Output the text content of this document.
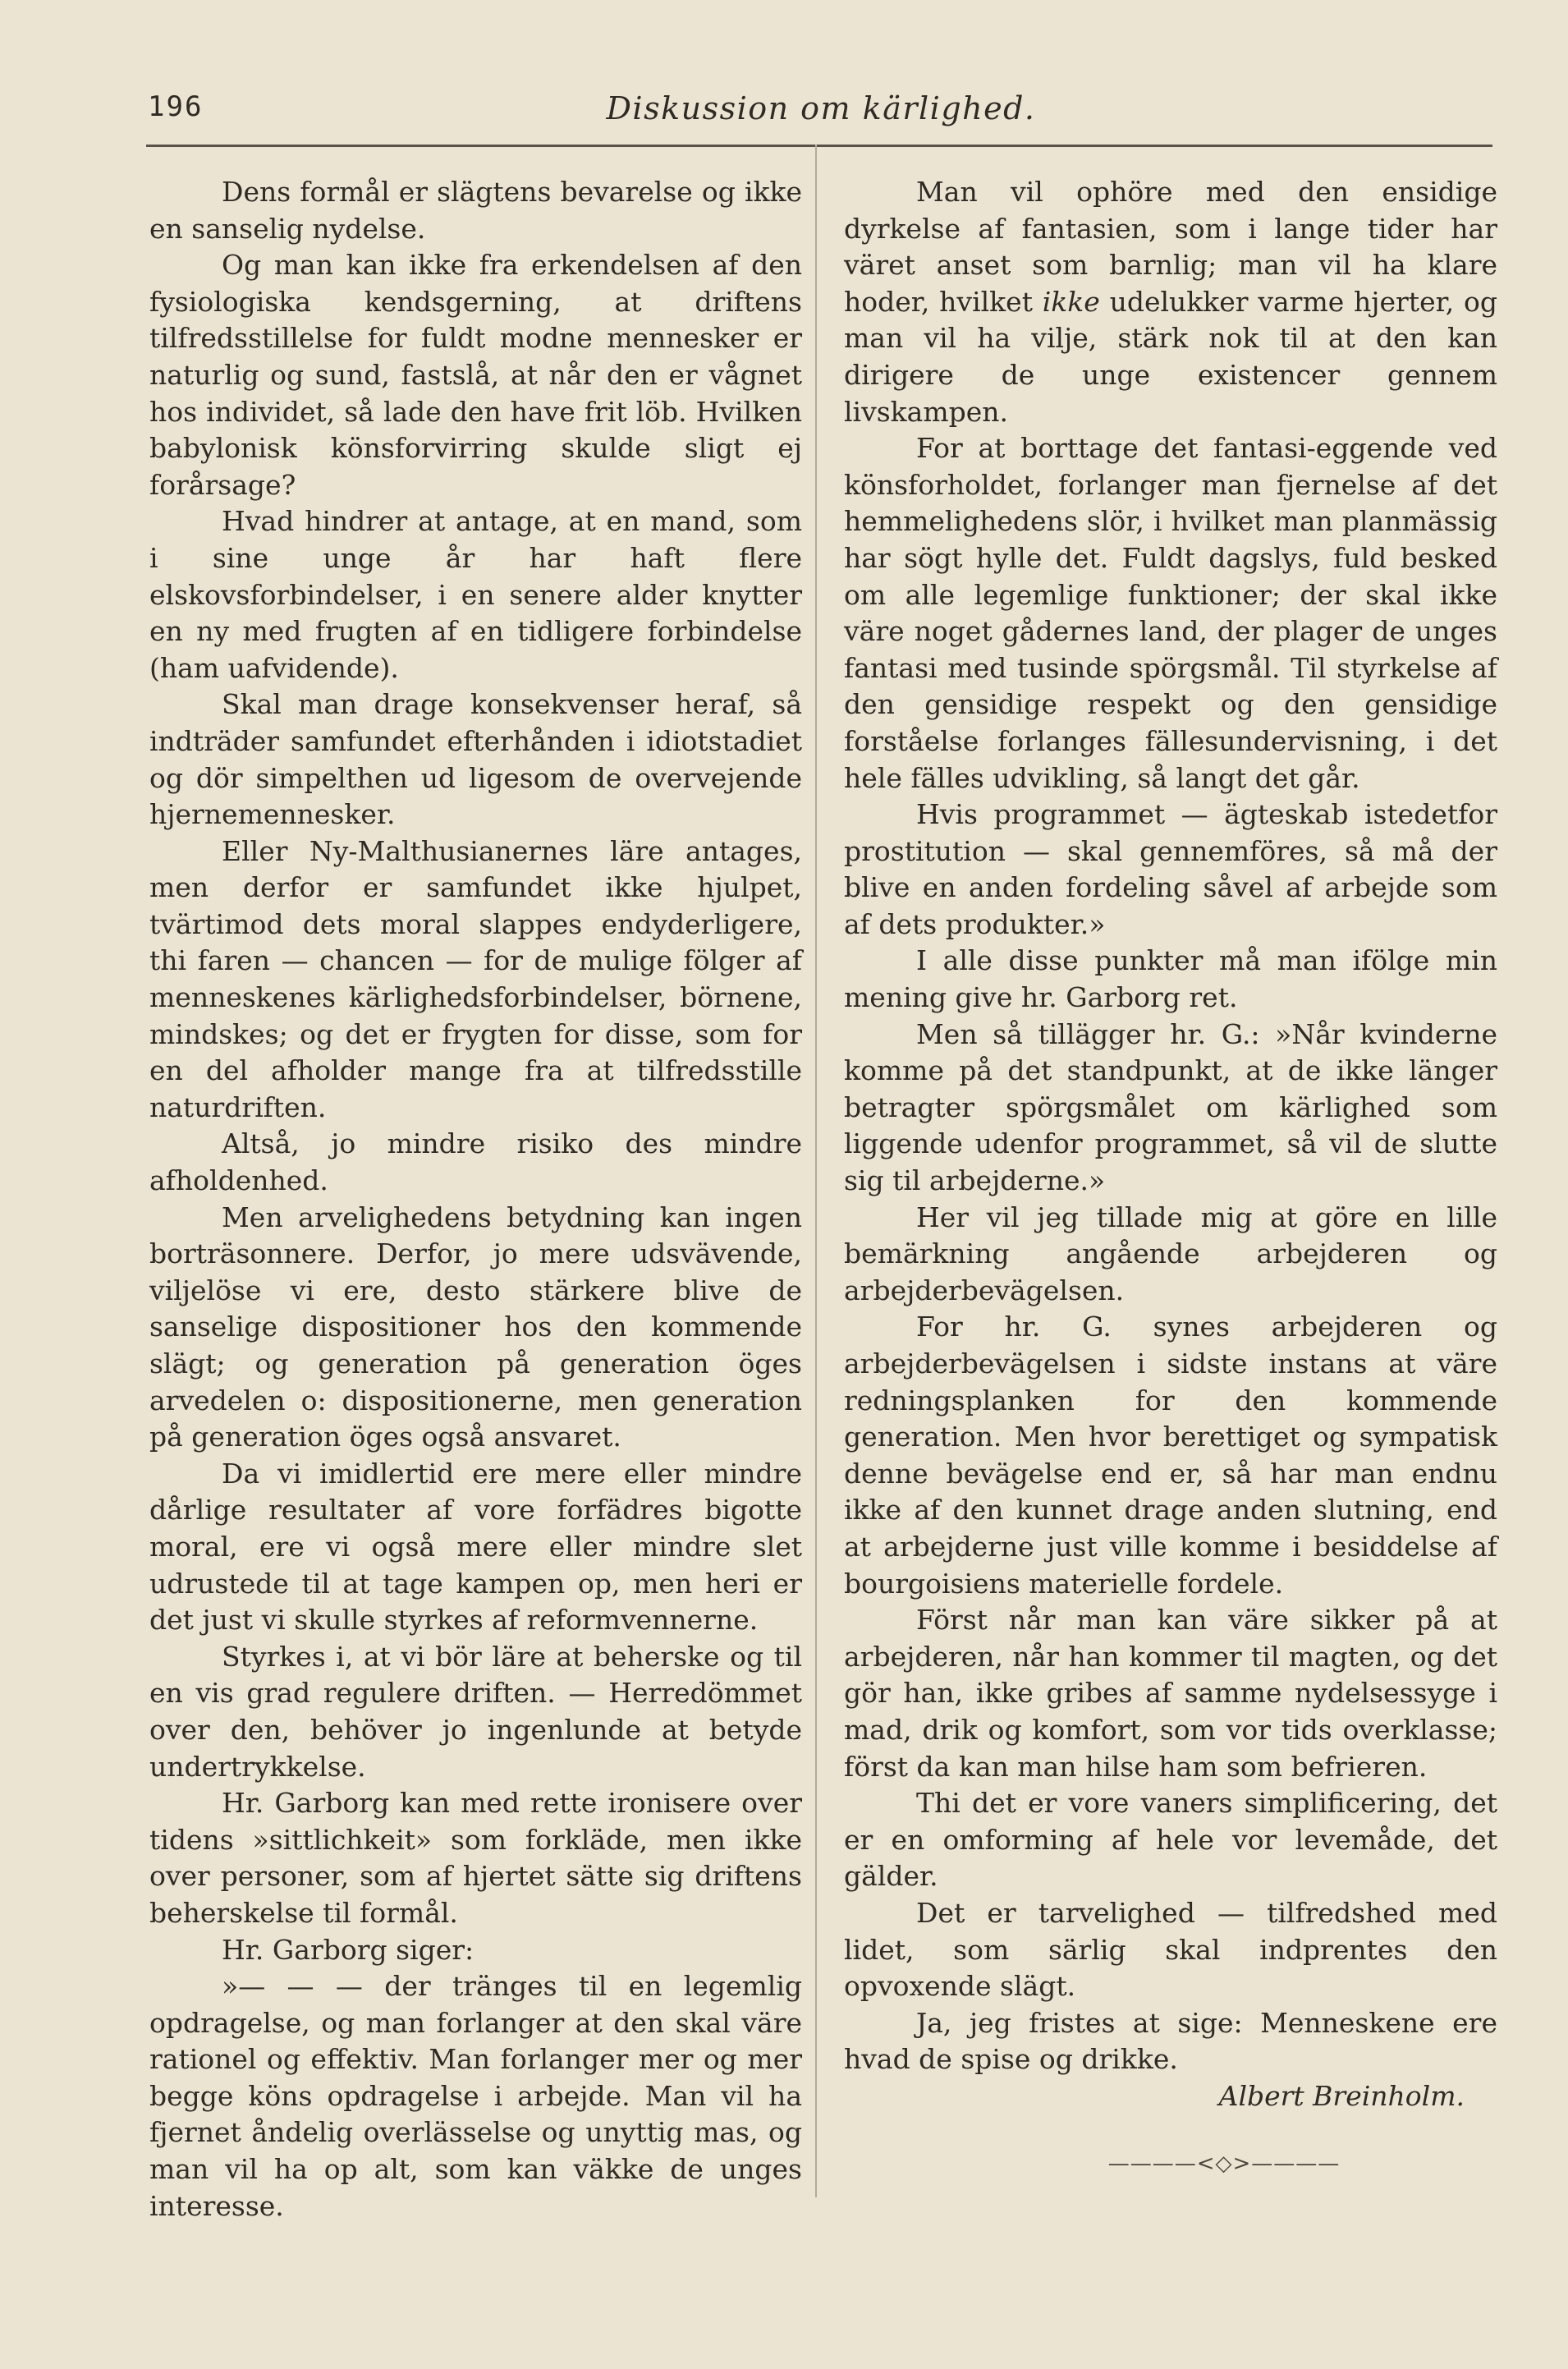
196	Diskussion om kärlighed.

Dens formål er slägtens bevarelse og ikke en sanselig nydelse.

Og man kan ikke fra erkendelsen af den fysiologiska kendsgerning, at driftens tilfredsstillelse for fuldt modne mennesker er naturlig og sund, fastslå, at når den er vågnet hos individet, så lade den have frit löb. Hvilken babylonisk könsforvirring skulde sligt ej forårsage?

Hvad hindrer at antage, at en mand, som i sine unge år har haft flere elskovsforbindelser, i en senere alder knytter en ny med frugten af en tidligere forbindelse (ham uafvidende).

Skal man drage konsekvenser heraf, så indträder samfundet efterhånden i idiotstadiet og dör simpelthen ud ligesom de overvejende hjernemennesker.

Eller Ny-Malthusianernes läre antages, men derfor er samfundet ikke hjulpet, tvärtimod dets moral slappes endyderligere, thi faren — chancen — for de mulige fölger af menneskenes kärlighedsforbindelser, börnene, mindskes; og det er frygten for disse, som for en del afholder mange fra at tilfredsstille naturdriften.

Altså, jo mindre risiko des mindre afholdenhed.

Men arvelighedens betydning kan ingen borträsonnere. Derfor, jo mere udsvävende, viljelöse vi ere, desto stärkere blive de sanselige dispositioner hos den kommende slägt; og generation på generation öges arvedelen o: dispositionerne, men generation på generation öges også ansvaret.

Da vi imidlertid ere mere eller mindre dårlige resultater af vore forfädres bigotte moral, ere vi også mere eller mindre slet udrustede til at tage kampen op, men heri er det just vi skulle styrkes af reformvennerne.

Styrkes i, at vi bör läre at beherske og til en vis grad regulere driften. — Herredömmet over den, behöver jo ingenlunde at betyde undertrykkelse.

Hr. Garborg kan med rette ironisere over tidens »sittlichkeit» som forkläde, men ikke over personer, som af hjertet sätte sig driftens beherskelse til formål.

Hr. Garborg siger:

»— — — der tränges til en legemlig opdragelse, og man forlanger at den skal väre rationel og effektiv. Man forlanger mer og mer begge köns opdragelse i arbejde. Man vil ha fjernet åndelig overlässelse og unyttig mas, og man vil ha op alt, som kan väkke de unges interesse.

Man vil ophöre med den ensidige dyrkelse af fantasien, som i lange tider har väret anset som barnlig; man vil ha klare hoder, hvilket ikke udelukker varme hjerter, og man vil ha vilje, stärk nok til at den kan dirigere de unge existencer gennem livskampen.

For at borttage det fantasi-eggende ved könsforholdet, forlanger man fjernelse af det hemmelighedens slör, i hvilket man planmässig har sögt hylle det. Fuldt dagslys, fuld besked om alle legemlige funktioner; der skal ikke väre noget gådernes land, der plager de unges fantasi med tusinde spörgsmål. Til styrkelse af den gensidige respekt og den gensidige forståelse forlanges fällesundervisning, i det hele fälles udvikling, så langt det går.

Hvis programmet — ägteskab istedetfor prostitution — skal gennemföres, så må der blive en anden fordeling såvel af arbejde som af dets produkter.»

I alle disse punkter må man ifölge min mening give hr. Garborg ret.

Men så tillägger hr. G.: »Når kvinderne komme på det standpunkt, at de ikke länger betragter spörgsmålet om kärlighed som liggende udenfor programmet, så vil de slutte sig til arbejderne.»

Her vil jeg tillade mig at göre en lille bemärkning angående arbejderen og arbejderbevägelsen.

For hr. G. synes arbejderen og arbejderbevägelsen i sidste instans at väre redningsplanken for den kommende generation. Men hvor berettiget og sympatisk denne bevägelse end er, så har man endnu ikke af den kunnet drage anden slutning, end at arbejderne just ville komme i besiddelse af bourgoisiens materielle fordele.

Först når man kan väre sikker på at arbejderen, når han kommer til magten, og det gör han, ikke gribes af samme nydelsessyge i mad, drik og komfort, som vor tids overklasse; först da kan man hilse ham som befrieren.

Thi det er vore vaners simplificering, det er en omforming af hele vor levemåde, det gälder.

Det er tarvelighed — tilfredshed med lidet, som särlig skal indprentes den opvoxende slägt.

Ja, jeg fristes at sige: Menneskene ere hvad de spise og drikke.

Albert Breinholm.

————<◇>————
